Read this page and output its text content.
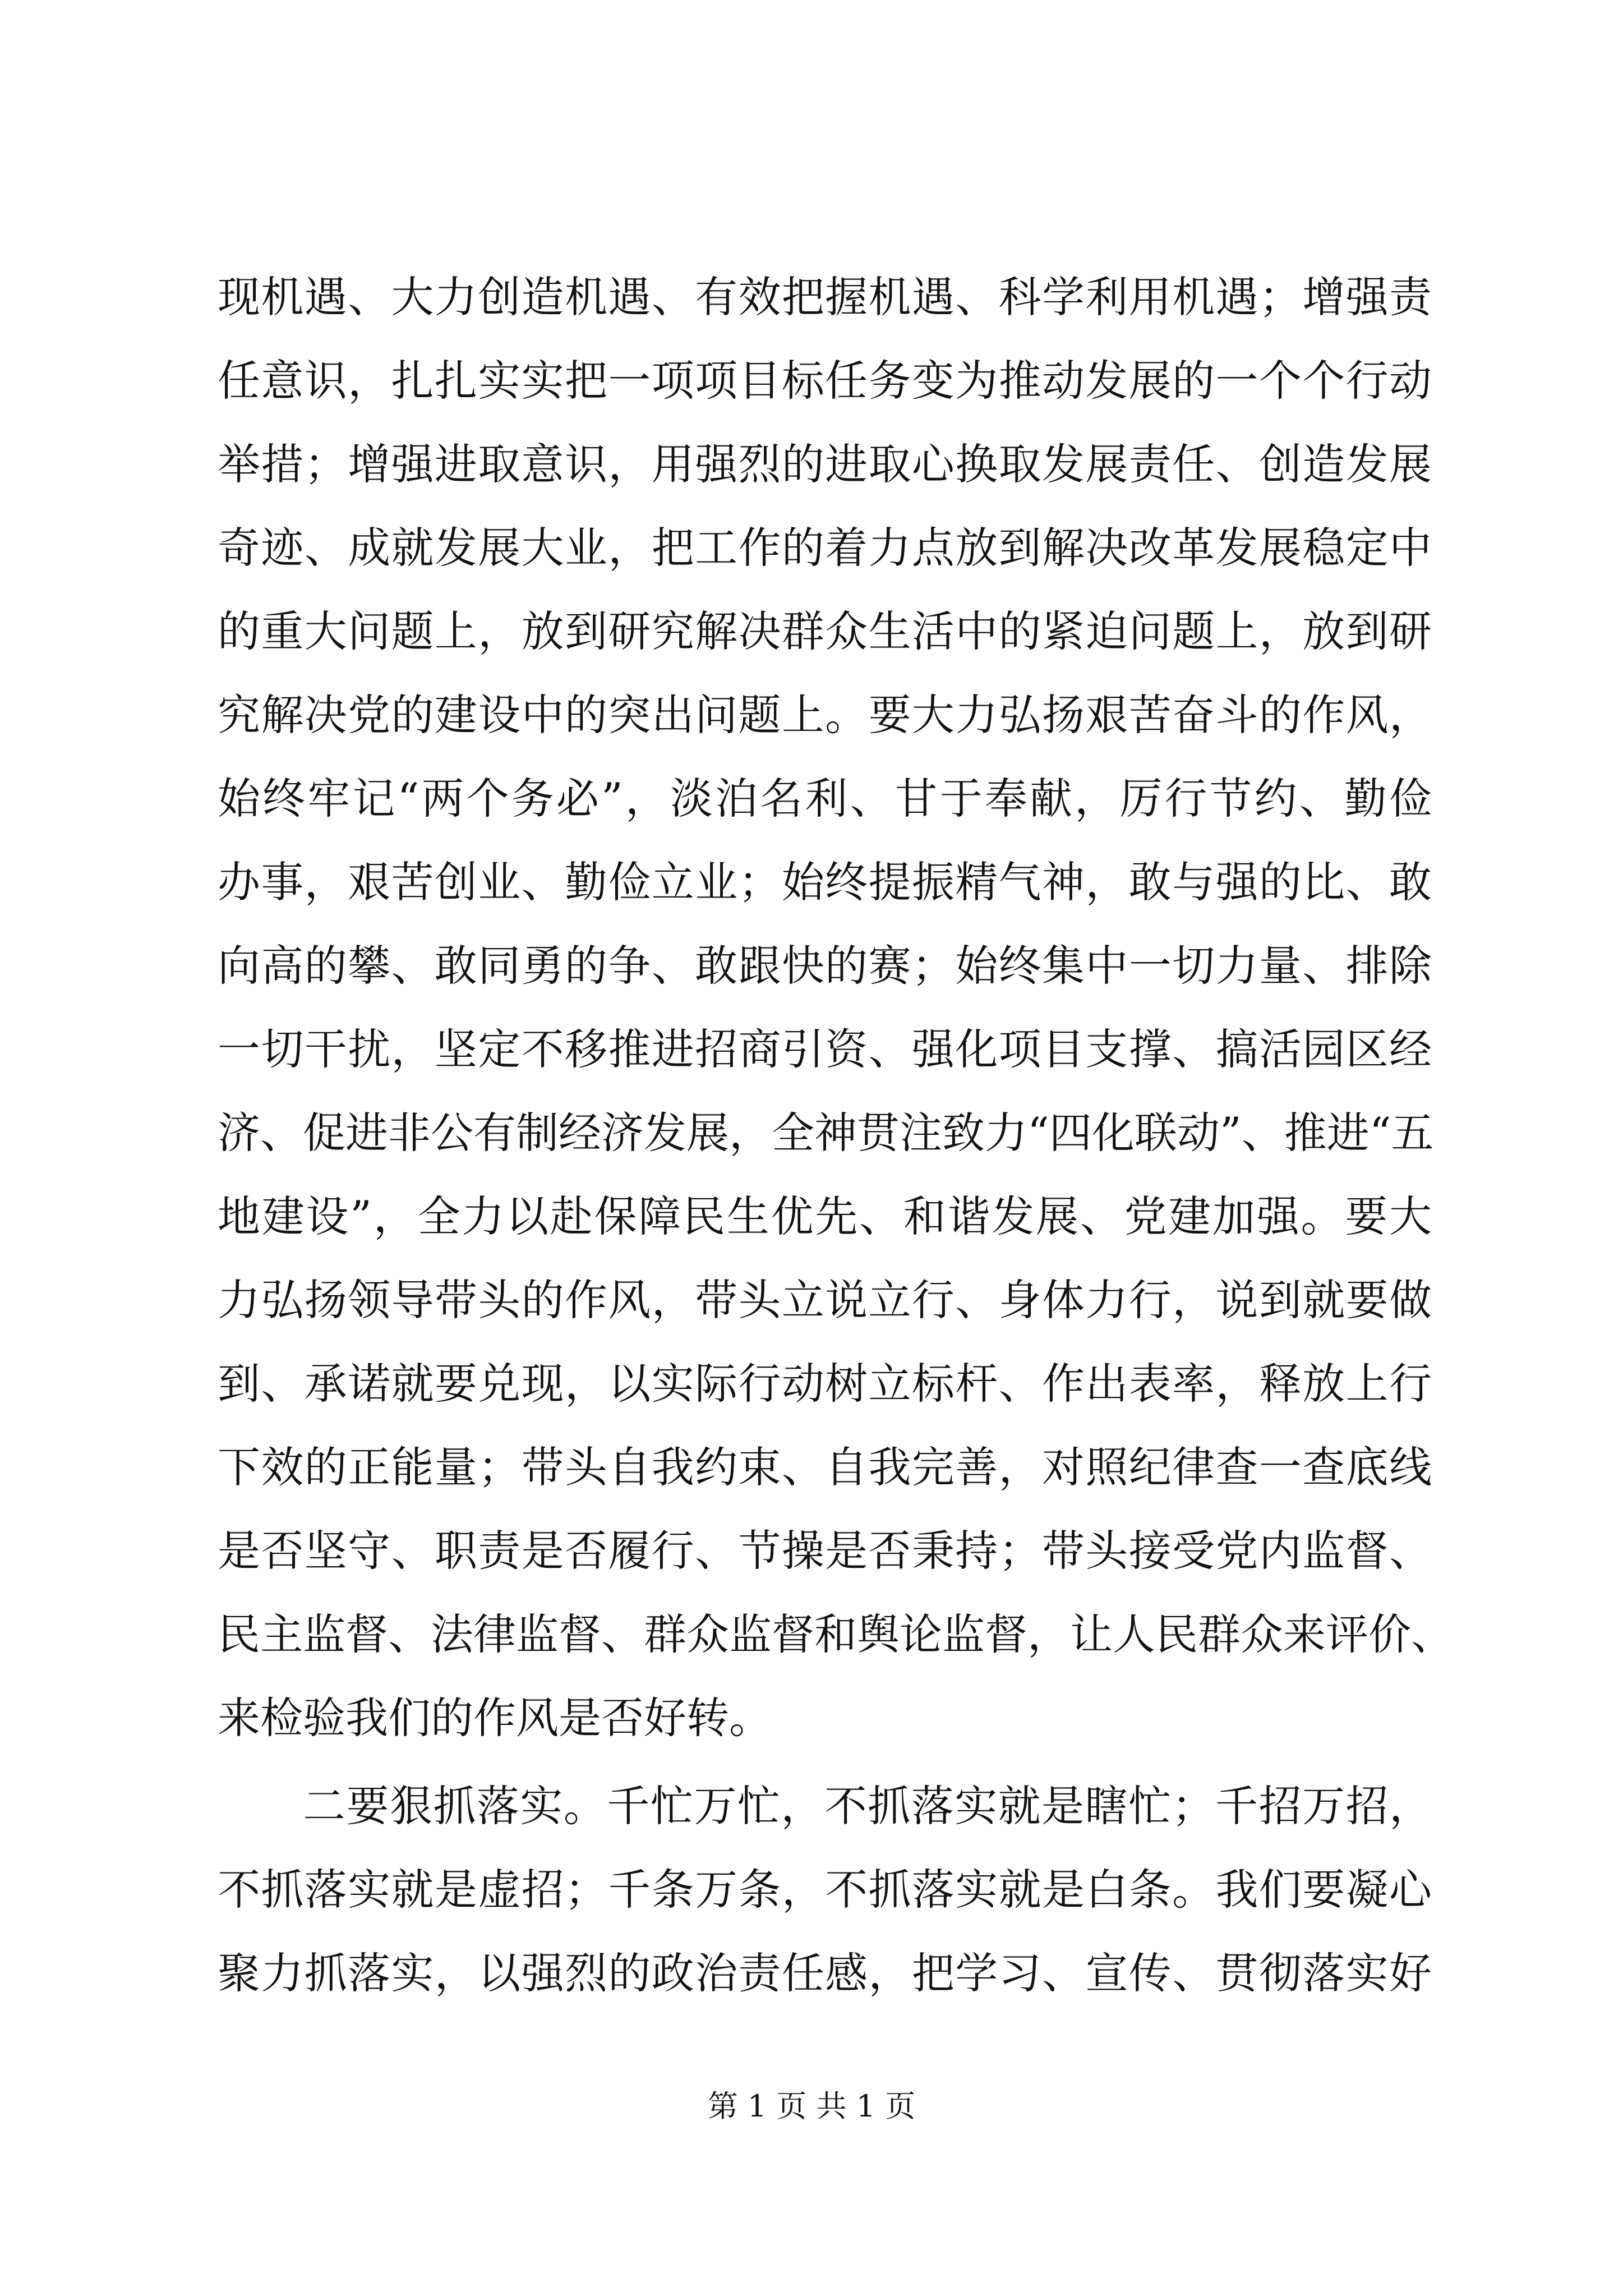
现机遇、大力创造机遇、有效把握机遇、科学利用机遇；增强责
任意识，扎扎实实把一项项目标任务变为推动发展的一个个行动
举措；增强进取意识，用强烈的进取心换取发展责任、创造发展
奇迹、成就发展大业，把工作的着力点放到解决改革发展稳定中
的重大问题上，放到研究解决群众生活中的紧迫问题上，放到研
究解决党的建设中的突出问题上。要大力弘扬艰苦奋斗的作风，
始终牢记“两个务必”，淡泊名利、甘于奉献，厉行节约、勤俭
办事，艰苦创业、勤俭立业；始终提振精气神，敢与强的比、敢
向高的攀、敢同勇的争、敢跟快的赛；始终集中一切力量、排除
一切干扰，坚定不移推进招商引资、强化项目支撑、搞活园区经
济、促进非公有制经济发展，全神贯注致力“四化联动”、推进“五
地建设”，全力以赴保障民生优先、和谐发展、党建加强。要大
力弘扬领导带头的作风，带头立说立行、身体力行，说到就要做
到、承诺就要兑现，以实际行动树立标杆、作出表率，释放上行
下效的正能量；带头自我约束、自我完善，对照纪律查一查底线
是否坚守、职责是否履行、节操是否秉持；带头接受党内监督、
民主监督、法律监督、群众监督和舆论监督，让人民群众来评价、
来检验我们的作风是否好转。
二要狠抓落实。千忙万忙，不抓落实就是瞎忙；千招万招，
不抓落实就是虚招；千条万条，不抓落实就是白条。我们要凝心
聚力抓落实，以强烈的政治责任感，把学习、宣传、贯彻落实好
第 1 页 共 1 页
